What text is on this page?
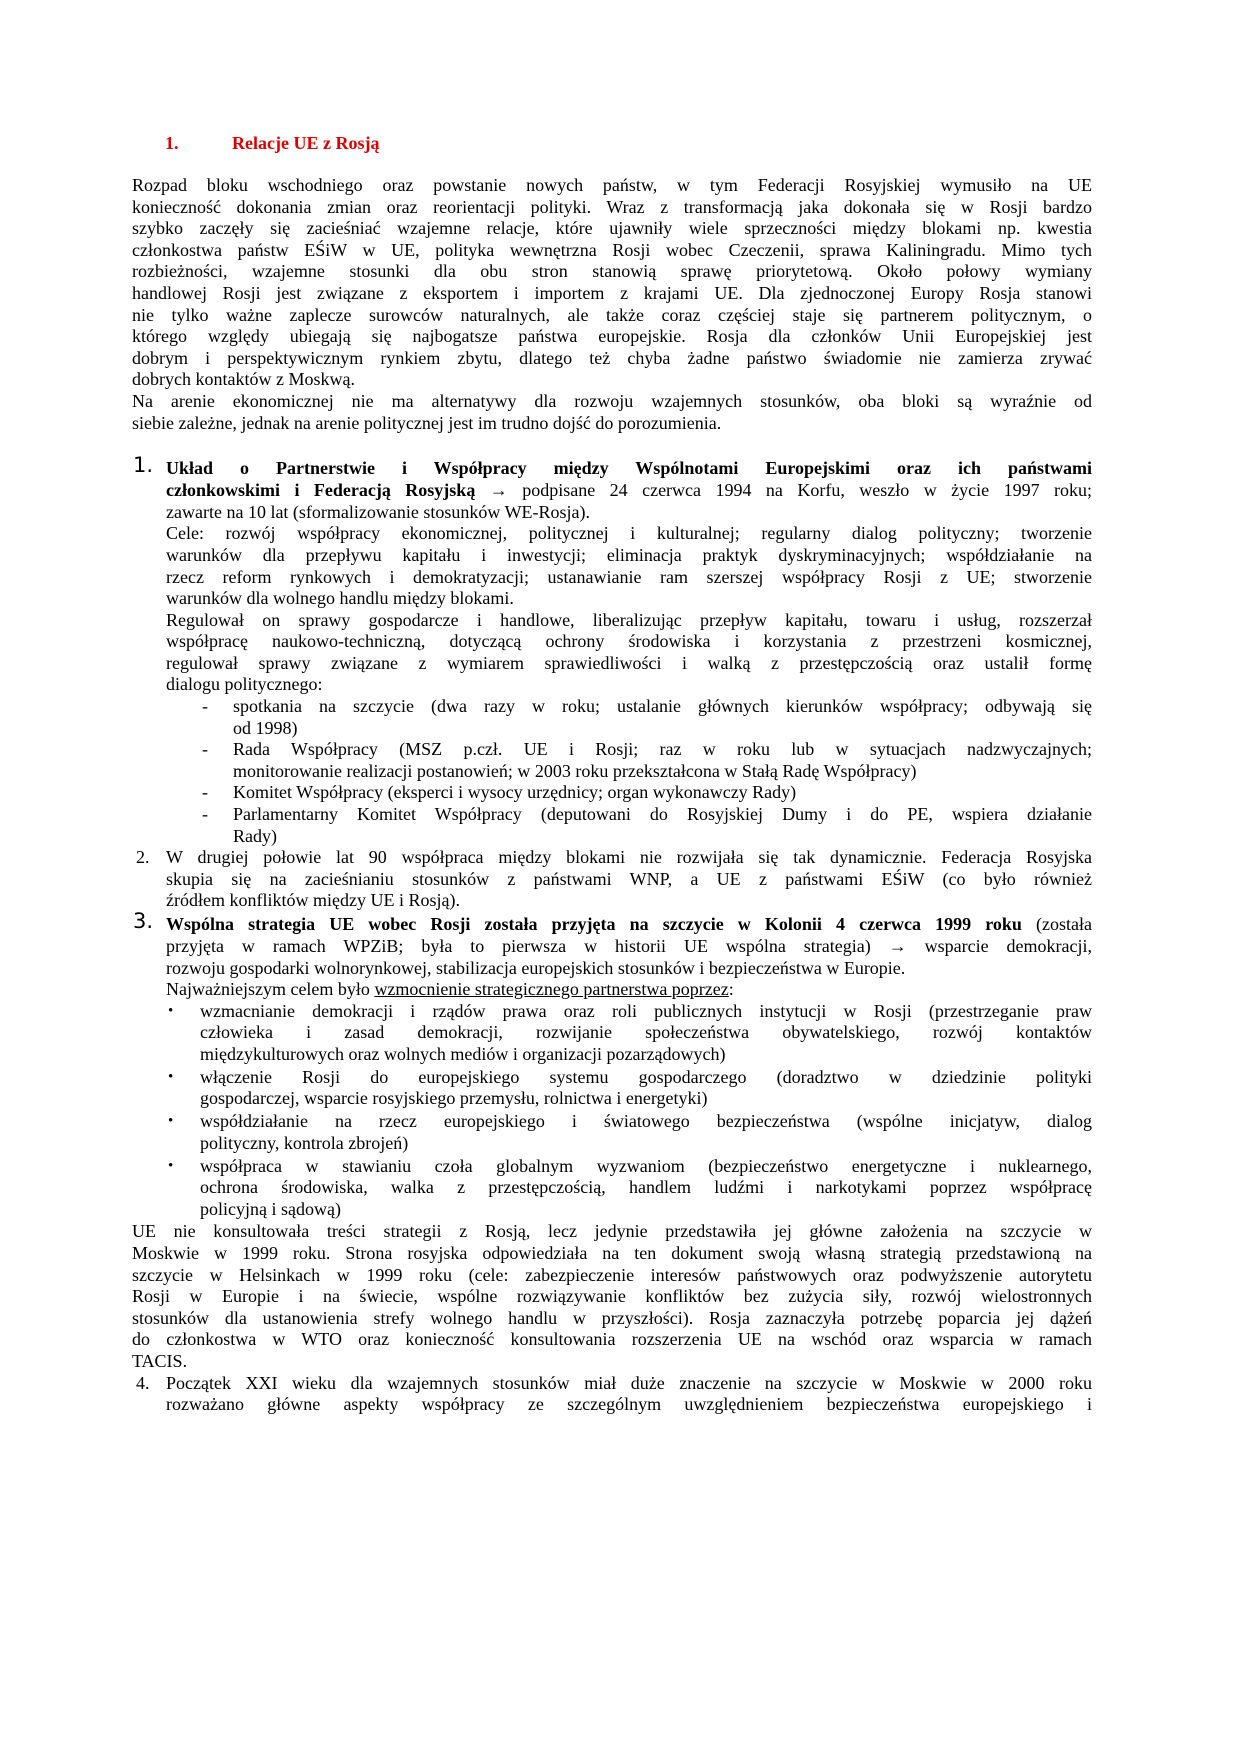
1.	Relacje UE z Rosją
Rozpad bloku wschodniego oraz powstanie nowych państw, w tym Federacji Rosyjskiej wymusiło na UE
konieczność dokonania zmian oraz reorientacji polityki. Wraz z transformacją jaka dokonała się w Rosji bardzo
szybko zaczęły się zacieśniać wzajemne relacje, które ujawniły wiele sprzeczności między blokami np. kwestia
członkostwa państw EŚiW w UE, polityka wewnętrzna Rosji wobec Czeczenii, sprawa Kaliningradu. Mimo tych
rozbieżności, wzajemne stosunki dla obu stron stanowią sprawę priorytetową. Około połowy wymiany
handlowej Rosji jest związane z eksportem i importem z krajami UE. Dla zjednoczonej Europy Rosja stanowi
nie tylko ważne zaplecze surowców naturalnych, ale także coraz częściej staje się partnerem politycznym, o
którego względy ubiegają się najbogatsze państwa europejskie. Rosja dla członków Unii Europejskiej jest
dobrym i perspektywicznym rynkiem zbytu, dlatego też chyba żadne państwo świadomie nie zamierza zrywać
dobrych kontaktów z Moskwą.
Na arenie ekonomicznej nie ma alternatywy dla rozwoju wzajemnych stosunków, oba bloki są wyraźnie od
siebie zależne, jednak na arenie politycznej jest im trudno dojść do porozumienia.
1. Układ o Partnerstwie i Współpracy między Wspólnotami Europejskimi oraz ich państwami
członkowskimi i Federacją Rosyjską → podpisane 24 czerwca 1994 na Korfu, weszło w życie 1997 roku;
zawarte na 10 lat (sformalizowanie stosunków WE-Rosja).
Cele: rozwój współpracy ekonomicznej, politycznej i kulturalnej; regularny dialog polityczny; tworzenie
warunków dla przepływu kapitału i inwestycji; eliminacja praktyk dyskryminacyjnych; współdziałanie na
rzecz reform rynkowych i demokratyzacji; ustanawianie ram szerszej współpracy Rosji z UE; stworzenie
warunków dla wolnego handlu między blokami.
Regulował on sprawy gospodarcze i handlowe, liberalizując przepływ kapitału, towaru i usług, rozszerzał
współpracę naukowo-techniczną, dotyczącą ochrony środowiska i korzystania z przestrzeni kosmicznej,
regulował sprawy związane z wymiarem sprawiedliwości i walką z przestępczością oraz ustalił formę
dialogu politycznego:
- spotkania na szczycie (dwa razy w roku; ustalanie głównych kierunków współpracy; odbywają się
od 1998)
- Rada Współpracy (MSZ p.czł. UE i Rosji; raz w roku lub w sytuacjach nadzwyczajnych;
monitorowanie realizacji postanowień; w 2003 roku przekształcona w Stałą Radę Współpracy)
- Komitet Współpracy (eksperci i wysocy urzędnicy; organ wykonawczy Rady)
- Parlamentarny Komitet Współpracy (deputowani do Rosyjskiej Dumy i do PE, wspiera działanie
Rady)
2. W drugiej połowie lat 90 współpraca między blokami nie rozwijała się tak dynamicznie. Federacja Rosyjska
skupia się na zacieśnianiu stosunków z państwami WNP, a UE z państwami EŚiW (co było również
źródłem konfliktów między UE i Rosją).
3. Wspólna strategia UE wobec Rosji została przyjęta na szczycie w Kolonii 4 czerwca 1999 roku (została
przyjęta w ramach WPZiB; była to pierwsza w historii UE wspólna strategia) → wsparcie demokracji,
rozwoju gospodarki wolnorynkowej, stabilizacja europejskich stosunków i bezpieczeństwa w Europie.
Najważniejszym celem było wzmocnienie strategicznego partnerstwa poprzez:
• wzmacnianie demokracji i rządów prawa oraz roli publicznych instytucji w Rosji (przestrzeganie praw
człowieka i zasad demokracji, rozwijanie społeczeństwa obywatelskiego, rozwój kontaktów
międzykulturowych oraz wolnych mediów i organizacji pozarządowych)
• włączenie Rosji do europejskiego systemu gospodarczego (doradztwo w dziedzinie polityki
gospodarczej, wsparcie rosyjskiego przemysłu, rolnictwa i energetyki)
• współdziałanie na rzecz europejskiego i światowego bezpieczeństwa (wspólne inicjatyw, dialog
polityczny, kontrola zbrojeń)
• współpraca w stawianiu czoła globalnym wyzwaniom (bezpieczeństwo energetyczne i nuklearnego,
ochrona środowiska, walka z przestępczością, handlem ludźmi i narkotykami poprzez współpracę
policyjną i sądową)
UE nie konsultowała treści strategii z Rosją, lecz jedynie przedstawiła jej główne założenia na szczycie w
Moskwie w 1999 roku. Strona rosyjska odpowiedziała na ten dokument swoją własną strategią przedstawioną na
szczycie w Helsinkach w 1999 roku (cele: zabezpieczenie interesów państwowych oraz podwyższenie autorytetu
Rosji w Europie i na świecie, wspólne rozwiązywanie konfliktów bez zużycia siły, rozwój wielostronnych
stosunków dla ustanowienia strefy wolnego handlu w przyszłości). Rosja zaznaczyła potrzebę poparcia jej dążeń
do członkostwa w WTO oraz konieczność konsultowania rozszerzenia UE na wschód oraz wsparcia w ramach
TACIS.
4. Początek XXI wieku dla wzajemnych stosunków miał duże znaczenie na szczycie w Moskwie w 2000 roku
rozważano główne aspekty współpracy ze szczególnym uwzględnieniem bezpieczeństwa europejskiego i
